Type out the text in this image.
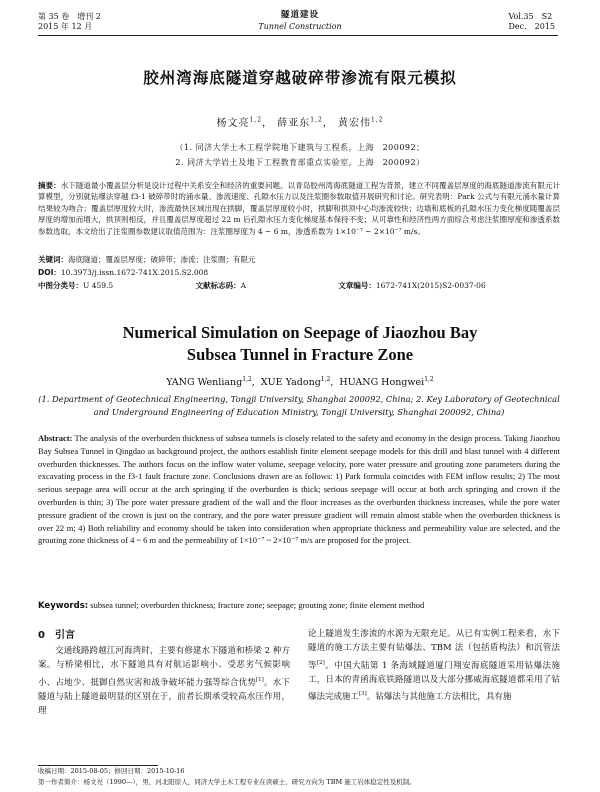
第 35 卷　增刊 2
2015 年 12 月
隧道建设
Tunnel Construction
Vol.35　S2
Dec.　2015
胶州湾海底隧道穿越破碎带渗流有限元模拟
杨文亮$^{1,2}$， 薛亚东$^{1,2}$， 黄宏伟$^{1,2}$
（1. 同济大学土木工程学院地下建筑与工程系，上海　200092；
2. 同济大学岩土及地下工程教育部重点实验室，上海　200092）
摘要：水下隧道最小覆盖层分析是设计过程中关系安全和经济的重要问题。以青岛胶州湾海底隧道工程为背景，建立不同覆盖层厚度的海底隧道渗流有限元计算模型，分别就钻爆法穿越 f3-1 破碎带时的涌水量、渗流速度、孔隙水压力以及注浆圈参数取值开展研究和讨论。研究表明：Park 公式与有限元涌水量计算结果较为吻合；覆盖层厚度较大时，渗流最快区域出现在拱脚，覆盖层厚度较小时，拱脚和拱顶中心均渗流较快；边墙和底板的孔隙水压力变化梯度随覆盖层厚度的增加而增大，拱顶则相反，并且覆盖层厚度超过 22 m 后孔隙水压力变化梯度基本保持不变；从可靠性和经济性两方面综合考虑注浆圈厚度和渗透系数参数选取，本文给出了注浆圈参数建议取值范围为：注浆圈厚度为 4 ~ 6 m，渗透系数为 1×10⁻⁷ ~ 2×10⁻⁷ m/s。
关键词：海底隧道；覆盖层厚度；破碎带；渗流；注浆圈；有限元
DOI：10.3973/j.issn.1672-741X.2015.S2.008
中图分类号：U 459.5	文献标志码：A	文章编号：1672-741X(2015)S2-0037-06
Numerical Simulation on Seepage of Jiaozhou Bay
Subsea Tunnel in Fracture Zone
YANG Wenliang$^{1,2}$,  XUE Yadong$^{1,2}$,  HUANG Hongwei$^{1,2}$
(1. Department of Geotechnical Engineering, Tongji University, Shanghai 200092, China; 2. Key Laboratory of Geotechnical and Underground Engineering of Education Ministry, Tongji University, Shanghai 200092, China)
Abstract: The analysis of the overburden thickness of subsea tunnels is closely related to the safety and economy in the design process. Taking Jiaozhou Bay Subsea Tunnel in Qingdao as background project, the authors establish finite element seepage models for this drill and blast tunnel with 4 different overburden thicknesses. The authors focus on the inflow water volume, seepage velocity, pore water pressure and grouting zone parameters during the excavating process in the f3-1 fault fracture zone. Conclusions drawn are as follows: 1) Park formula coincides with FEM inflow results; 2) The most serious seepage area will occur at the arch springing if the overburden is thick; serious seepage will occur at both arch springing and crown if the overburden is thin; 3) The pore water pressure gradient of the wall and the floor increases as the overburden thickness increases, while the pore water pressure gradient of the crown is just on the contrary, and the pore water pressure gradient will remain almost stable when the overburden thickness is over 22 m; 4) Both reliability and economy should be taken into consideration when appropriate thickness and permeability value are selected, and the grouting zone thickness of 4 ~ 6 m and the permeability of 1×10⁻⁷ ~ 2×10⁻⁷ m/s are proposed for the project.
Keywords: subsea tunnel; overburden thickness; fracture zone; seepage; grouting zone; finite element method
0　引言
  交通线路跨越江河海湾时，主要有修建水下隧道和桥梁 2 种方案。与桥梁相比，水下隧道具有对航运影响小、受恶劣气候影响小、占地少、抵御自然灾害和战争破坏能力强等综合优势[1]。水下隧道与陆上隧道最明显的区别在于，前者长期承受较高水压作用，理
论上隧道发生渗流的水源为无限充足。从已有实例工程来看，水下隧道的施工方法主要有钻爆法、TBM 法（包括盾构法）和沉管法等[2]。中国大陆第 1 条海域隧道厦门翔安海底隧道采用钻爆法施工，日本的青函海底铁路隧道以及大部分挪威海底隧道都采用了钻爆法完成施工[3]。钻爆法与其他施工方法相比，具有施
收稿日期：2015-08-05；修回日期：2015-10-16
第一作者简介：杨文亮（1990—），男，河北阳原人，同济大学土木工程专业在读硕士，研究方向为 TBM 施工岩体稳定性及机制。
